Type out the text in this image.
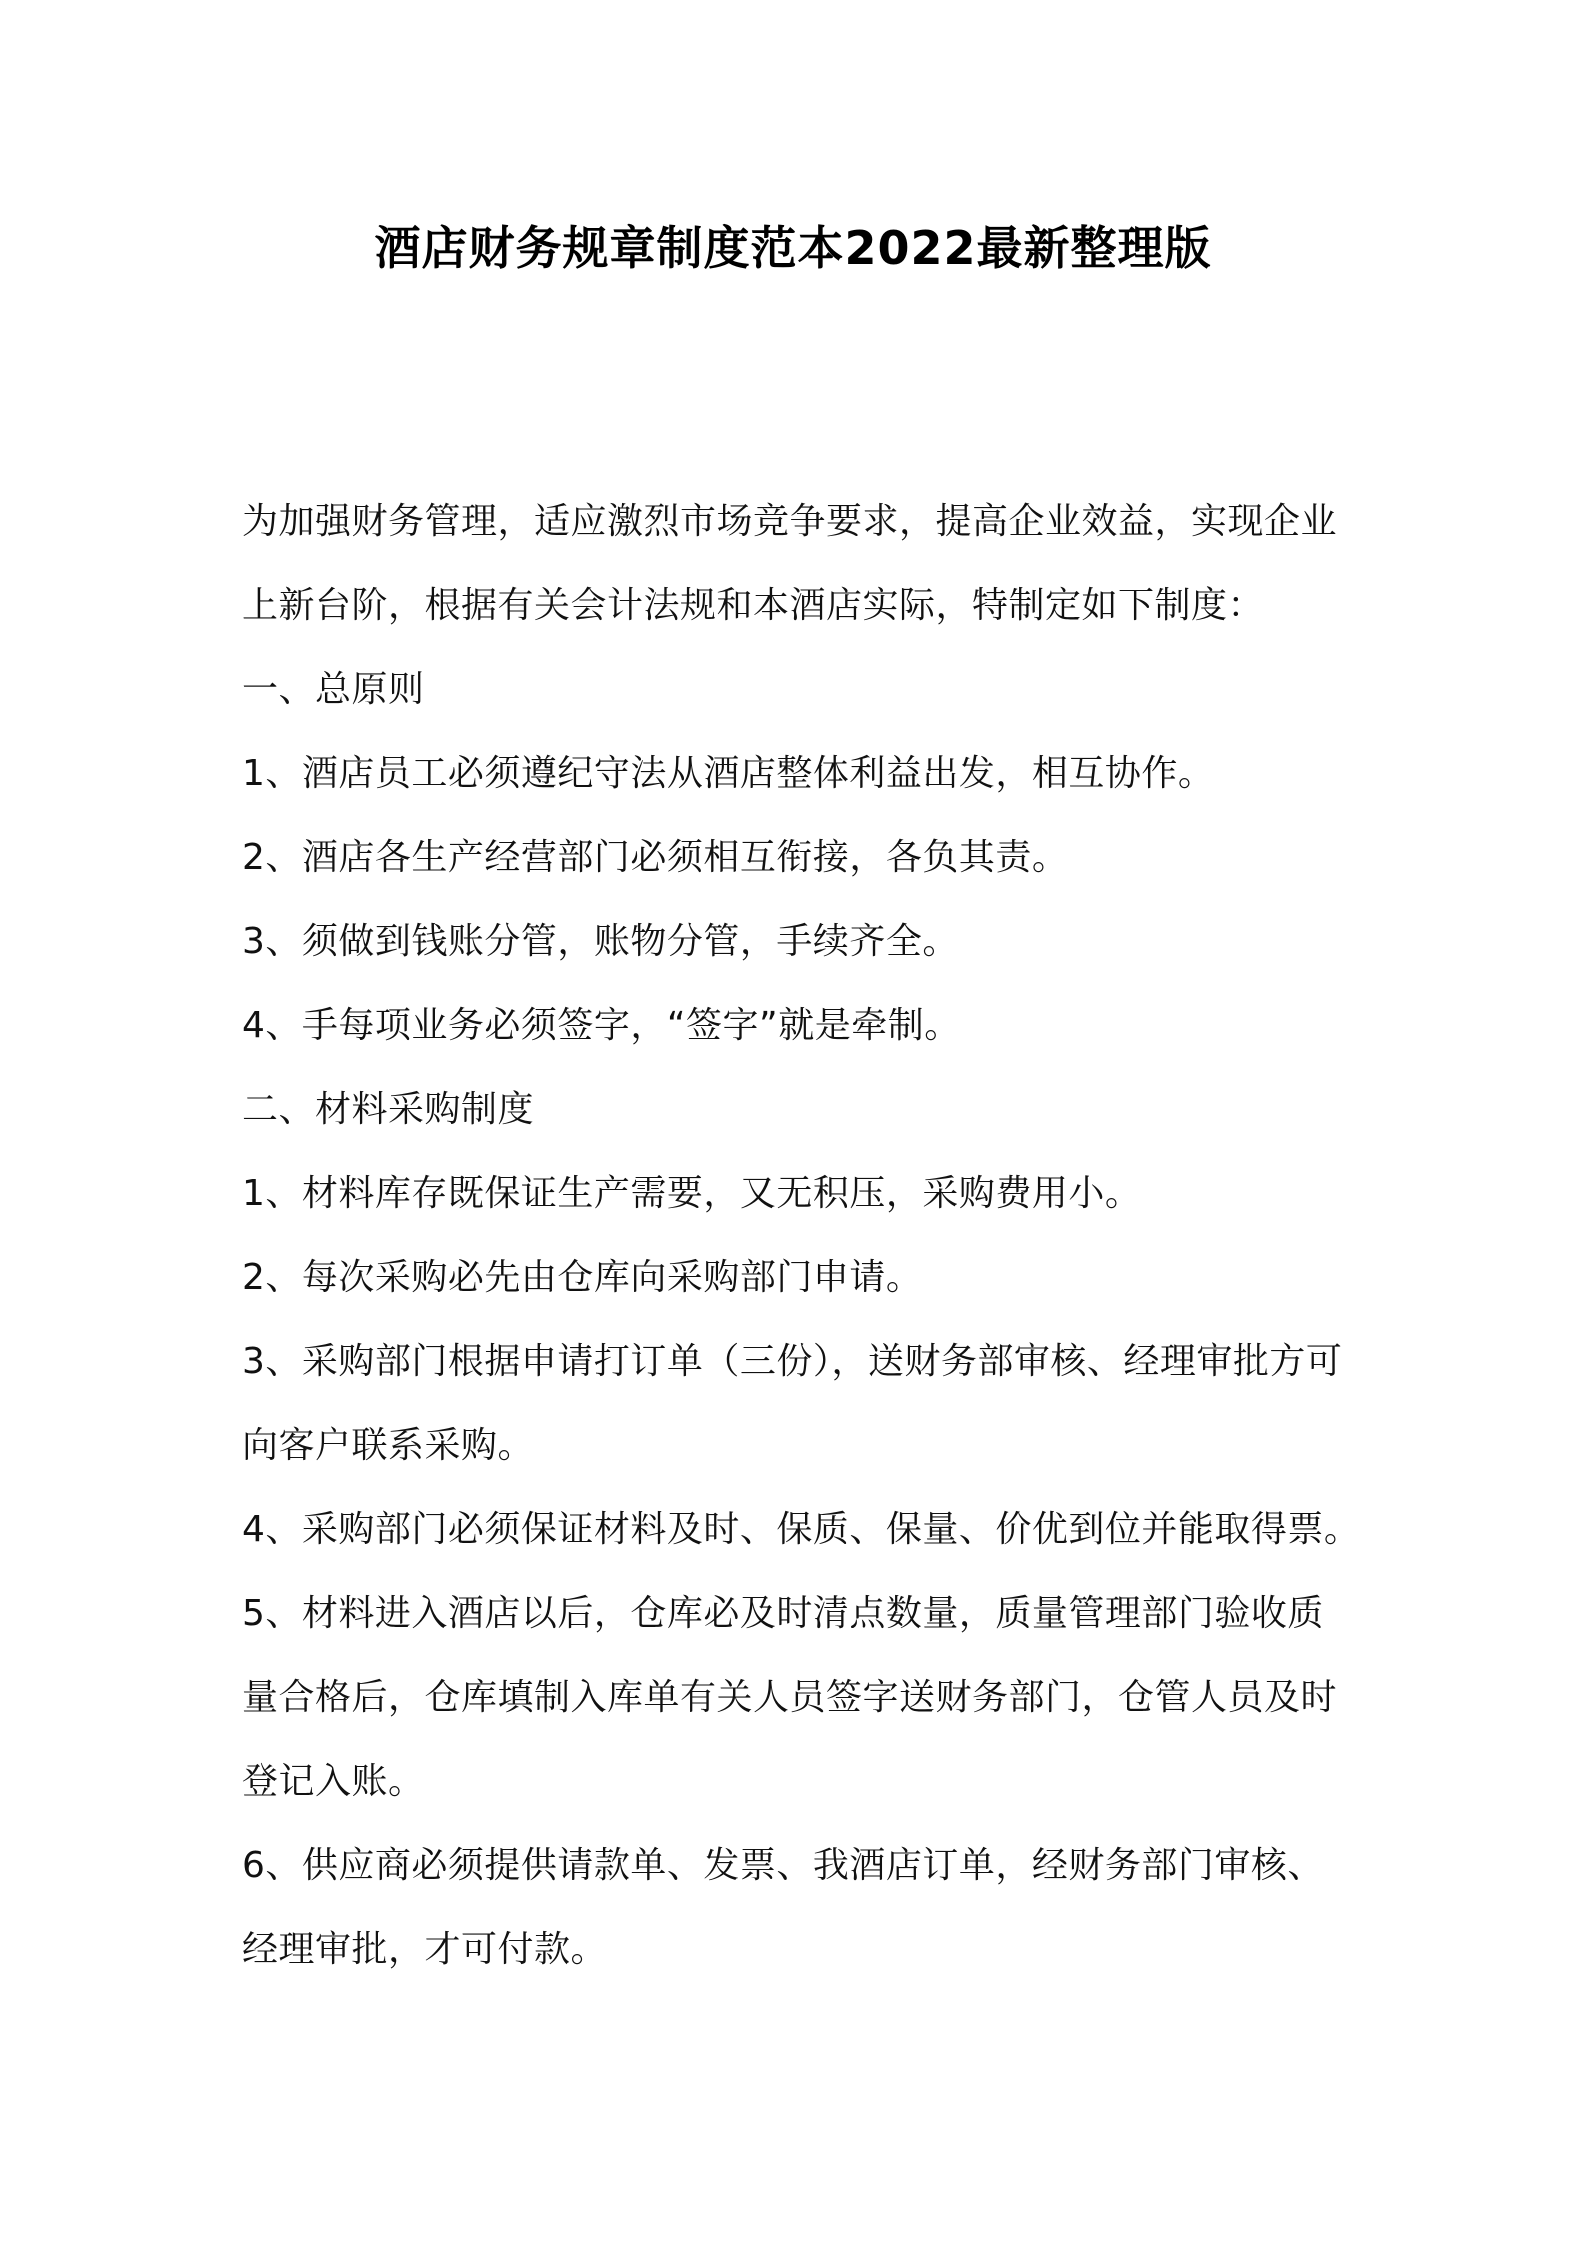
酒店财务规章制度范本2022最新整理版
为加强财务管理，适应激烈市场竞争要求，提高企业效益，实现企业
上新台阶，根据有关会计法规和本酒店实际，特制定如下制度：
一、总原则
1、酒店员工必须遵纪守法从酒店整体利益出发，相互协作。
2、酒店各生产经营部门必须相互衔接，各负其责。
3、须做到钱账分管，账物分管，手续齐全。
4、手每项业务必须签字，“签字”就是牵制。
二、材料采购制度
1、材料库存既保证生产需要，又无积压，采购费用小。
2、每次采购必先由仓库向采购部门申请。
3、采购部门根据申请打订单（三份），送财务部审核、经理审批方可
向客户联系采购。
4、采购部门必须保证材料及时、保质、保量、价优到位并能取得票。
5、材料进入酒店以后，仓库必及时清点数量，质量管理部门验收质
量合格后，仓库填制入库单有关人员签字送财务部门，仓管人员及时
登记入账。
6、供应商必须提供请款单、发票、我酒店订单，经财务部门审核、
经理审批，才可付款。
